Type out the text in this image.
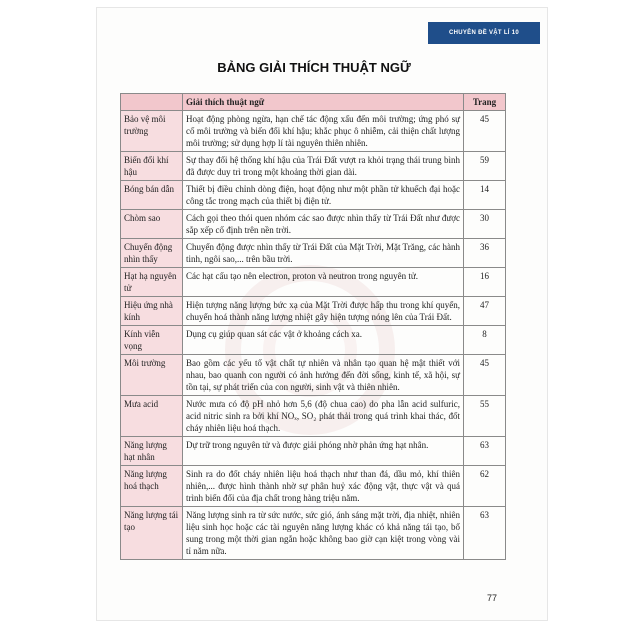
CHUYÊN ĐỀ VẬT LÍ 10
BẢNG GIẢI THÍCH THUẬT NGỮ
	Giải thích thuật ngữ	Trang
Bảo vệ môi trường	Hoạt động phòng ngừa, hạn chế tác động xấu đến môi trường; ứng phó sự cố môi trường và biến đổi khí hậu; khắc phục ô nhiễm, cải thiện chất lượng môi trường; sử dụng hợp lí tài nguyên thiên nhiên.	45
Biến đổi khí hậu	Sự thay đổi hệ thống khí hậu của Trái Đất vượt ra khỏi trạng thái trung bình đã được duy trì trong một khoảng thời gian dài.	59
Bóng bán dẫn	Thiết bị điều chỉnh dòng điện, hoạt động như một phần tử khuếch đại hoặc công tắc trong mạch của thiết bị điện tử.	14
Chòm sao	Cách gọi theo thói quen nhóm các sao được nhìn thấy từ Trái Đất như được sắp xếp cố định trên nền trời.	30
Chuyển động nhìn thấy	Chuyển động được nhìn thấy từ Trái Đất của Mặt Trời, Mặt Trăng, các hành tinh, ngôi sao,... trên bầu trời.	36
Hạt hạ nguyên tử	Các hạt cấu tạo nên electron, proton và neutron trong nguyên tử.	16
Hiệu ứng nhà kính	Hiện tượng năng lượng bức xạ của Mặt Trời được hấp thu trong khí quyển, chuyển hoá thành năng lượng nhiệt gây hiện tượng nóng lên của Trái Đất.	47
Kính viễn vọng	Dụng cụ giúp quan sát các vật ở khoảng cách xa.	8
Môi trường	Bao gồm các yếu tố vật chất tự nhiên và nhân tạo quan hệ mật thiết với nhau, bao quanh con người có ảnh hưởng đến đời sống, kinh tế, xã hội, sự tồn tại, sự phát triển của con người, sinh vật và thiên nhiên.	45
Mưa acid	Nước mưa có độ pH nhỏ hơn 5,6 (độ chua cao) do pha lẫn acid sulfuric, acid nitric sinh ra bởi khí NOₓ, SO₂ phát thải trong quá trình khai thác, đốt cháy nhiên liệu hoá thạch.	55
Năng lượng hạt nhân	Dự trữ trong nguyên tử và được giải phóng nhờ phản ứng hạt nhân.	63
Năng lượng hoá thạch	Sinh ra do đốt cháy nhiên liệu hoá thạch như than đá, dầu mỏ, khí thiên nhiên,... được hình thành nhờ sự phân huỷ xác động vật, thực vật và quá trình biến đổi của địa chất trong hàng triệu năm.	62
Năng lượng tái tạo	Năng lượng sinh ra từ sức nước, sức gió, ánh sáng mặt trời, địa nhiệt, nhiên liệu sinh học hoặc các tài nguyên năng lượng khác có khả năng tái tạo, bổ sung trong một thời gian ngắn hoặc không bao giờ cạn kiệt trong vòng vài tỉ năm nữa.	63
77
